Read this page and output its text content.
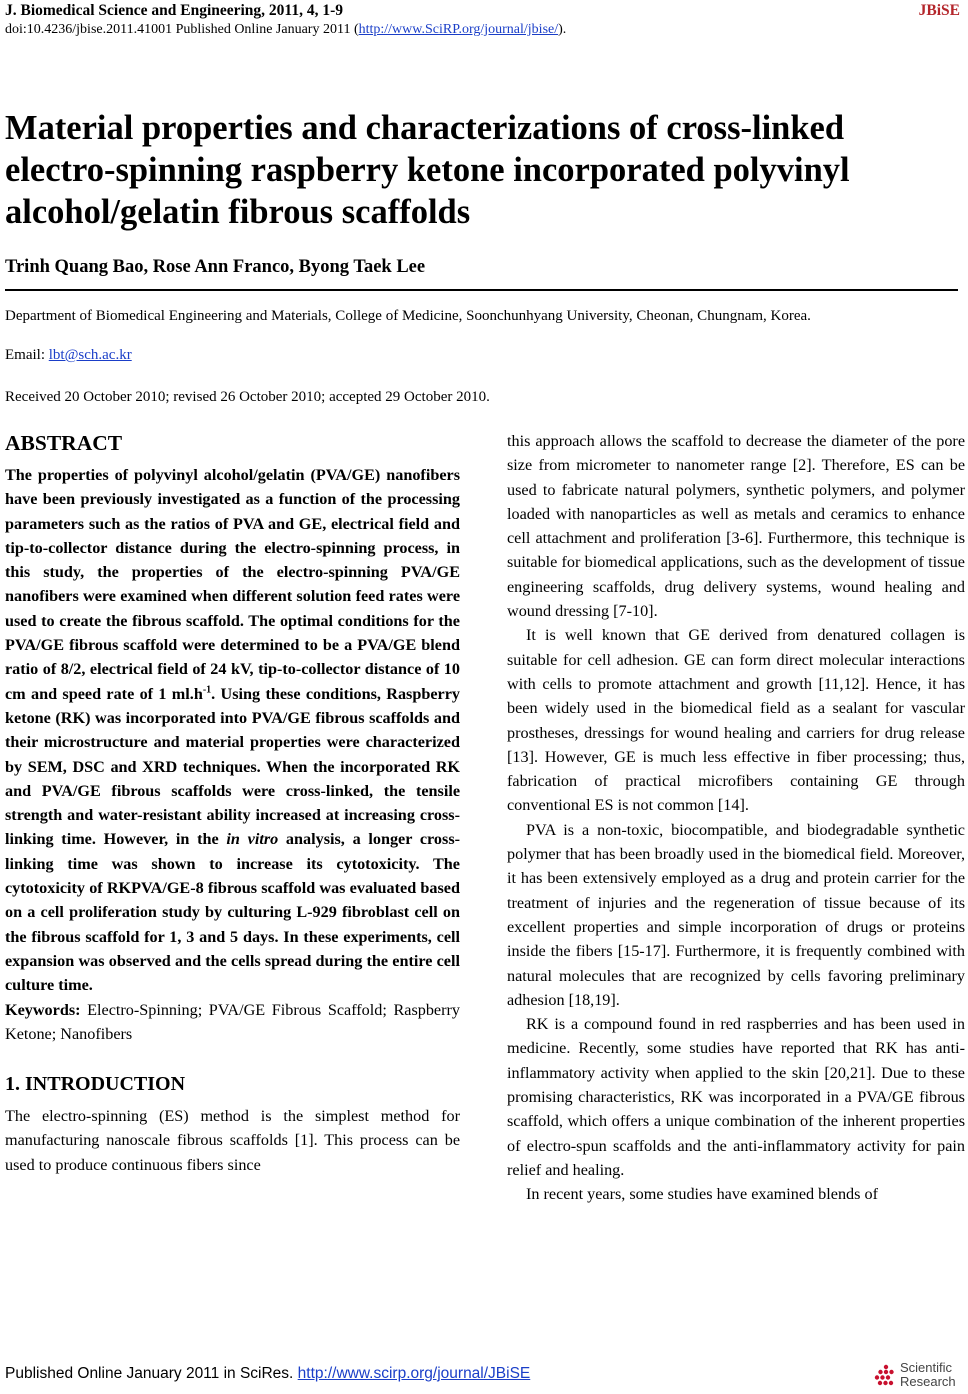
J. Biomedical Science and Engineering, 2011, 4, 1-9	JBiSE
doi:10.4236/jbise.2011.41001 Published Online January 2011 (http://www.SciRP.org/journal/jbise/).
Material properties and characterizations of cross-linked electro-spinning raspberry ketone incorporated polyvinyl alcohol/gelatin fibrous scaffolds
Trinh Quang Bao, Rose Ann Franco, Byong Taek Lee
Department of Biomedical Engineering and Materials, College of Medicine, Soonchunhyang University, Cheonan, Chungnam, Korea.
Email: lbt@sch.ac.kr
Received 20 October 2010; revised 26 October 2010; accepted 29 October 2010.
ABSTRACT

The properties of polyvinyl alcohol/gelatin (PVA/GE) nanofibers have been previously investigated as a function of the processing parameters such as the ratios of PVA and GE, electrical field and tip-to-collector distance during the electro-spinning process, in this study, the properties of the electro-spinning PVA/GE nanofibers were examined when different solution feed rates were used to create the fibrous scaffold. The optimal conditions for the PVA/GE fibrous scaffold were determined to be a PVA/GE blend ratio of 8/2, electrical field of 24 kV, tip-to-collector distance of 10 cm and speed rate of 1 $ml.h^{-1}$. Using these conditions, Raspberry ketone (RK) was incorporated into PVA/GE fibrous scaffolds and their microstructure and material properties were characterized by SEM, DSC and XRD techniques. When the incorporated RK and PVA/GE fibrous scaffolds were cross-linked, the tensile strength and water-resistant ability increased at increasing cross-linking time. However, in the in vitro analysis, a longer cross-linking time was shown to increase its cytotoxicity. The cytotoxicity of RKPVA/GE-8 fibrous scaffold was evaluated based on a cell proliferation study by culturing L-929 fibroblast cell on the fibrous scaffold for 1, 3 and 5 days. In these experiments, cell expansion was observed and the cells spread during the entire cell culture time.

Keywords: Electro-Spinning; PVA/GE Fibrous Scaffold; Raspberry Ketone; Nanofibers

1. INTRODUCTION

The electro-spinning (ES) method is the simplest method for manufacturing nanoscale fibrous scaffolds [1]. This process can be used to produce continuous fibers since

this approach allows the scaffold to decrease the diameter of the pore size from micrometer to nanometer range [2]. Therefore, ES can be used to fabricate natural polymers, synthetic polymers, and polymer loaded with nanoparticles as well as metals and ceramics to enhance cell attachment and proliferation [3-6]. Furthermore, this technique is suitable for biomedical applications, such as the development of tissue engineering scaffolds, drug delivery systems, wound healing and wound dressing [7-10].

It is well known that GE derived from denatured collagen is suitable for cell adhesion. GE can form direct molecular interactions with cells to promote attachment and growth [11,12]. Hence, it has been widely used in the biomedical field as a sealant for vascular prostheses, dressings for wound healing and carriers for drug release [13]. However, GE is much less effective in fiber processing; thus, fabrication of practical microfibers containing GE through conventional ES is not common [14].

PVA is a non-toxic, biocompatible, and biodegradable synthetic polymer that has been broadly used in the biomedical field. Moreover, it has been extensively employed as a drug and protein carrier for the treatment of injuries and the regeneration of tissue because of its excellent properties and simple incorporation of drugs or proteins inside the fibers [15-17]. Furthermore, it is frequently combined with natural molecules that are recognized by cells favoring preliminary adhesion [18,19].

RK is a compound found in red raspberries and has been used in medicine. Recently, some studies have reported that RK has anti-inflammatory activity when applied to the skin [20,21]. Due to these promising characteristics, RK was incorporated in a PVA/GE fibrous scaffold, which offers a unique combination of the inherent properties of electro-spun scaffolds and the anti-inflammatory activity for pain relief and healing.

In recent years, some studies have examined blends of

Published Online January 2011 in SciRes. http://www.scirp.org/journal/JBiSE	Scientific
Research
